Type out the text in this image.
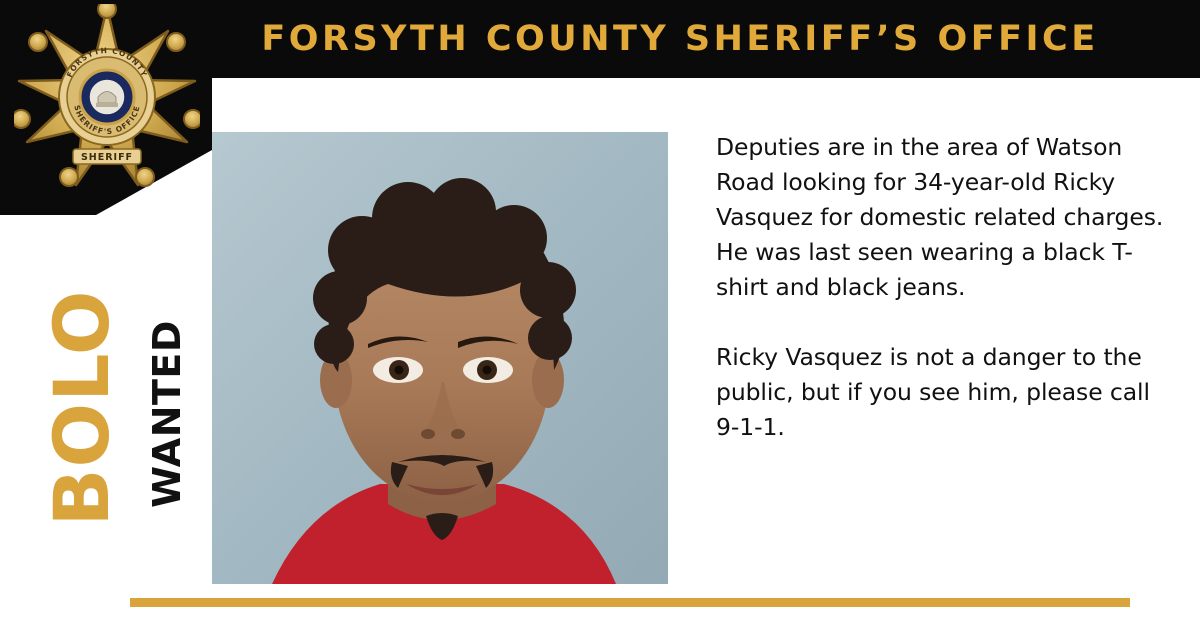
FORSYTH COUNTY SHERIFF’S OFFICE
FORSYTH COUNTY
SHERIFF'S OFFICE
SHERIFF
BOLO WANTED

Deputies are in the area of Watson Road looking for 34-year-old Ricky Vasquez for domestic related charges. He was last seen wearing a black T-shirt and black jeans.

Ricky Vasquez is not a danger to the public, but if you see him, please call 9-1-1.
